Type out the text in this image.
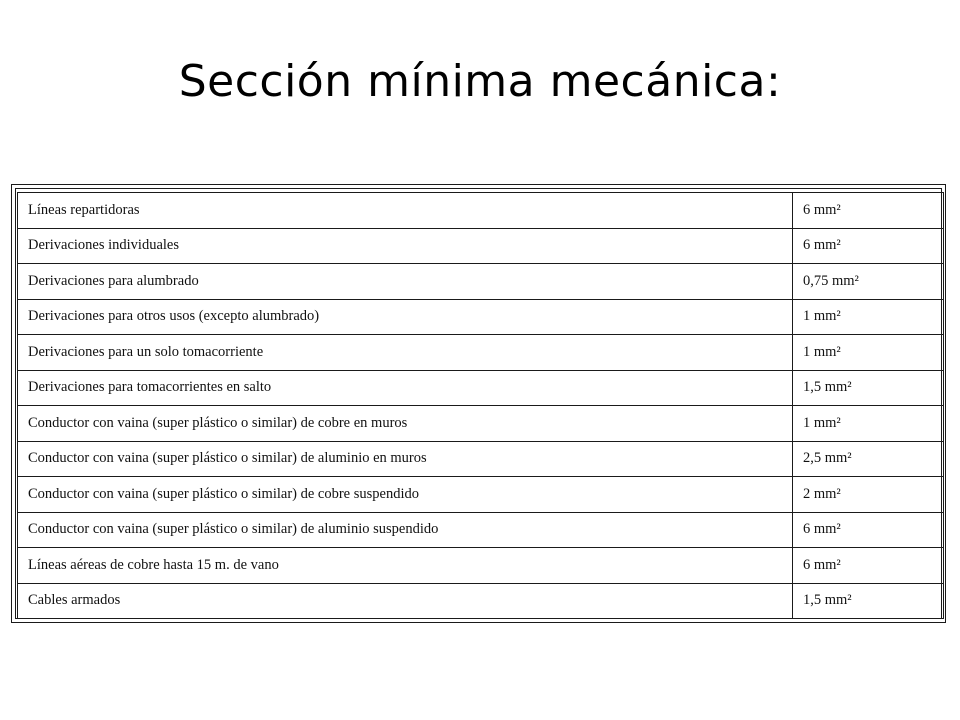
Sección mínima mecánica:
Líneas repartidoras	6 mm²
Derivaciones individuales	6 mm²
Derivaciones para alumbrado	0,75 mm²
Derivaciones para otros usos (excepto alumbrado)	1 mm²
Derivaciones para un solo tomacorriente	1 mm²
Derivaciones para tomacorrientes en salto	1,5 mm²
Conductor con vaina (super plástico o similar) de cobre en muros	1 mm²
Conductor con vaina (super plástico o similar) de aluminio en muros	2,5 mm²
Conductor con vaina (super plástico o similar) de cobre suspendido	2 mm²
Conductor con vaina (super plástico o similar) de aluminio suspendido	6 mm²
Líneas aéreas de cobre hasta 15 m. de vano	6 mm²
Cables armados	1,5 mm²
